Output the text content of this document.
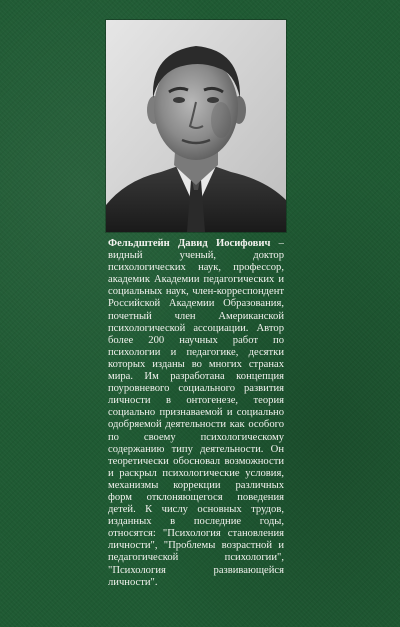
Фельдштейн Давид Иосифович – видный ученый, доктор психологических наук, профессор, академик Академии педагогических и социальных наук, член-корреспондент Российской Академии Образования, почетный член Американской психологической ассоциации. Автор более 200 научных работ по психологии и педагогике, десятки которых изданы во многих странах мира. Им разработана концепция поуровневого социального развития личности в онтогенезе, теория социально признаваемой и социально одобряемой деятельности как особого по своему психологическому содержанию типу деятельности. Он теоретически обосновал возможности и раскрыл психологические условия, механизмы коррекции различных форм отклоняющегося поведения детей. К числу основных трудов, изданных в последние годы, относятся: "Психология становления личности", "Проблемы возрастной и педагогической психологии", "Психология развивающейся личности".
